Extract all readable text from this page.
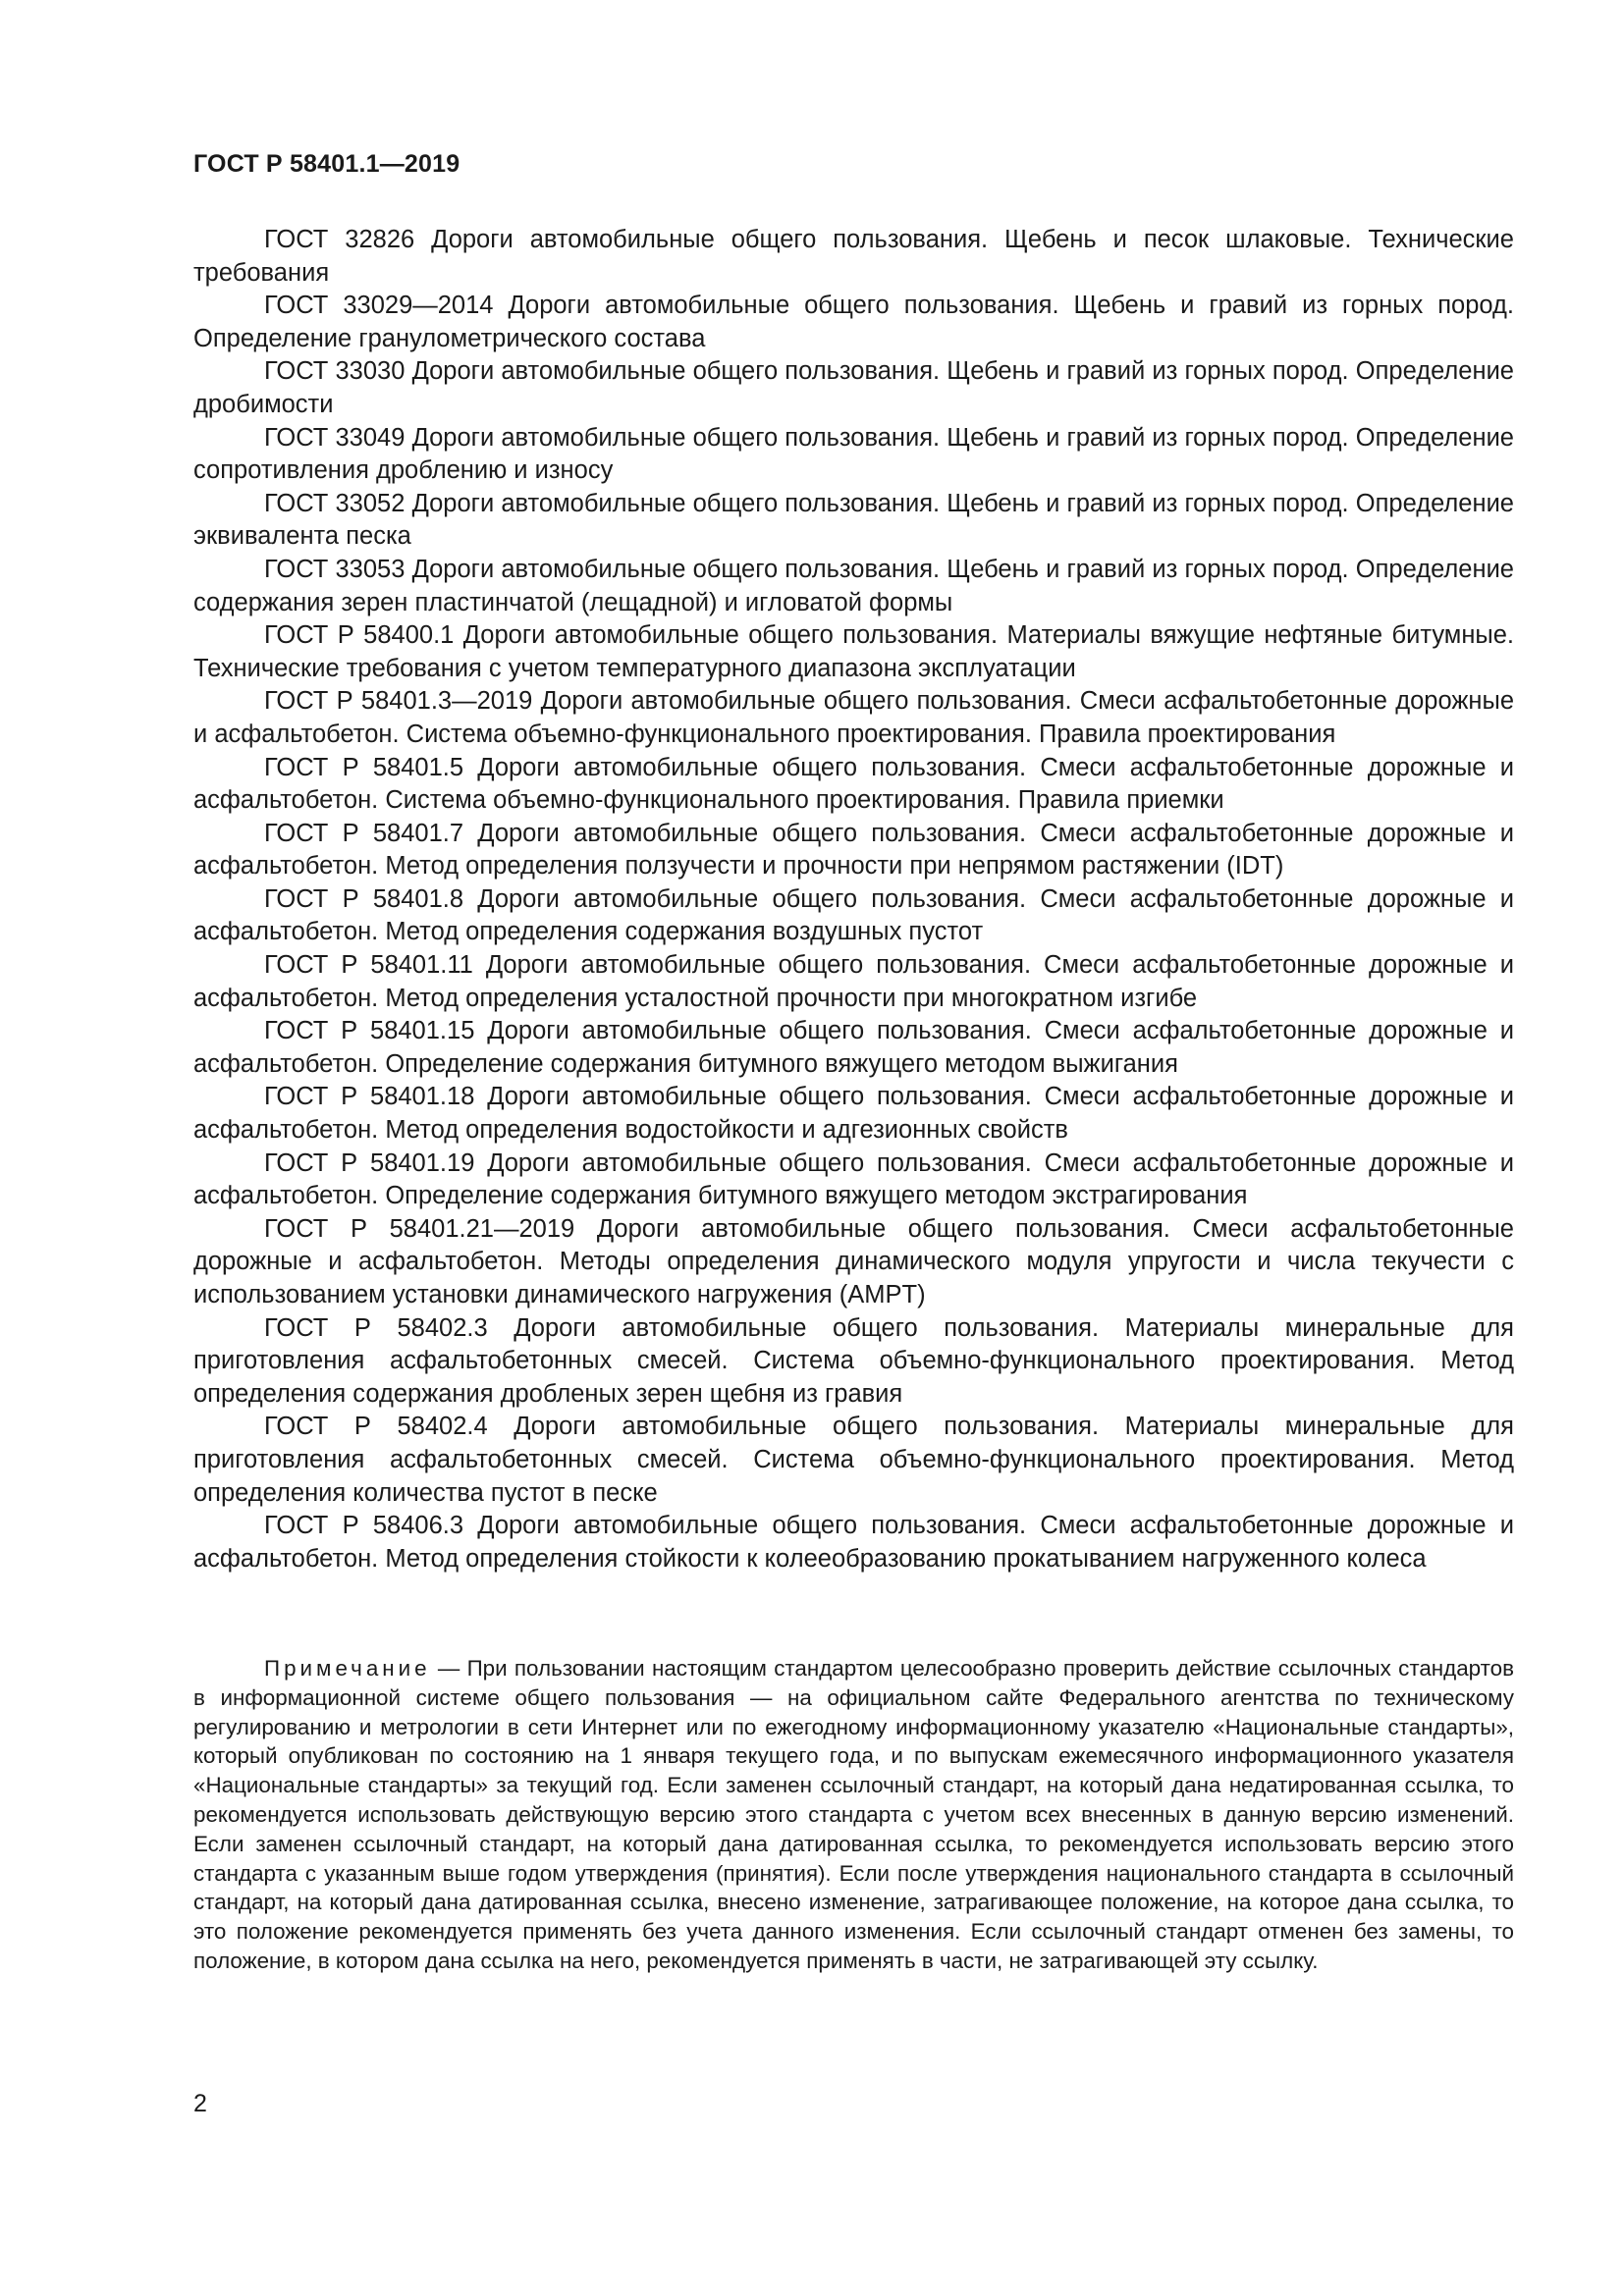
ГОСТ Р 58401.1—2019

ГОСТ 32826 Дороги автомобильные общего пользования. Щебень и песок шлаковые. Технические требования

ГОСТ 33029—2014 Дороги автомобильные общего пользования. Щебень и гравий из горных пород. Определение гранулометрического состава

ГОСТ 33030 Дороги автомобильные общего пользования. Щебень и гравий из горных пород. Определение дробимости

ГОСТ 33049 Дороги автомобильные общего пользования. Щебень и гравий из горных пород. Определение сопротивления дроблению и износу

ГОСТ 33052 Дороги автомобильные общего пользования. Щебень и гравий из горных пород. Определение эквивалента песка

ГОСТ 33053 Дороги автомобильные общего пользования. Щебень и гравий из горных пород. Определение содержания зерен пластинчатой (лещадной) и игловатой формы

ГОСТ Р 58400.1 Дороги автомобильные общего пользования. Материалы вяжущие нефтяные битумные. Технические требования с учетом температурного диапазона эксплуатации

ГОСТ Р 58401.3—2019 Дороги автомобильные общего пользования. Смеси асфальтобетонные дорожные и асфальтобетон. Система объемно-функционального проектирования. Правила проектирования

ГОСТ Р 58401.5 Дороги автомобильные общего пользования. Смеси асфальтобетонные дорожные и асфальтобетон. Система объемно-функционального проектирования. Правила приемки

ГОСТ Р 58401.7 Дороги автомобильные общего пользования. Смеси асфальтобетонные дорожные и асфальтобетон. Метод определения ползучести и прочности при непрямом растяжении (IDT)

ГОСТ Р 58401.8 Дороги автомобильные общего пользования. Смеси асфальтобетонные дорожные и асфальтобетон. Метод определения содержания воздушных пустот

ГОСТ Р 58401.11 Дороги автомобильные общего пользования. Смеси асфальтобетонные дорожные и асфальтобетон. Метод определения усталостной прочности при многократном изгибе

ГОСТ Р 58401.15 Дороги автомобильные общего пользования. Смеси асфальтобетонные дорожные и асфальтобетон. Определение содержания битумного вяжущего методом выжигания

ГОСТ Р 58401.18 Дороги автомобильные общего пользования. Смеси асфальтобетонные дорожные и асфальтобетон. Метод определения водостойкости и адгезионных свойств

ГОСТ Р 58401.19 Дороги автомобильные общего пользования. Смеси асфальтобетонные дорожные и асфальтобетон. Определение содержания битумного вяжущего методом экстрагирования

ГОСТ Р 58401.21—2019 Дороги автомобильные общего пользования. Смеси асфальтобетонные дорожные и асфальтобетон. Методы определения динамического модуля упругости и числа текучести с использованием установки динамического нагружения (AMPT)

ГОСТ Р 58402.3 Дороги автомобильные общего пользования. Материалы минеральные для приготовления асфальтобетонных смесей. Система объемно-функционального проектирования. Метод определения содержания дробленых зерен щебня из гравия

ГОСТ Р 58402.4 Дороги автомобильные общего пользования. Материалы минеральные для приготовления асфальтобетонных смесей. Система объемно-функционального проектирования. Метод определения количества пустот в песке

ГОСТ Р 58406.3 Дороги автомобильные общего пользования. Смеси асфальтобетонные дорожные и асфальтобетон. Метод определения стойкости к колееобразованию прокатыванием нагруженного колеса

Примечание — При пользовании настоящим стандартом целесообразно проверить действие ссылочных стандартов в информационной системе общего пользования — на официальном сайте Федерального агентства по техническому регулированию и метрологии в сети Интернет или по ежегодному информационному указателю «Национальные стандарты», который опубликован по состоянию на 1 января текущего года, и по выпускам ежемесячного информационного указателя «Национальные стандарты» за текущий год. Если заменен ссылочный стандарт, на который дана недатированная ссылка, то рекомендуется использовать действующую версию этого стандарта с учетом всех внесенных в данную версию изменений. Если заменен ссылочный стандарт, на который дана датированная ссылка, то рекомендуется использовать версию этого стандарта с указанным выше годом утверждения (принятия). Если после утверждения национального стандарта в ссылочный стандарт, на который дана датированная ссылка, внесено изменение, затрагивающее положение, на которое дана ссылка, то это положение рекомендуется применять без учета данного изменения. Если ссылочный стандарт отменен без замены, то положение, в котором дана ссылка на него, рекомендуется применять в части, не затрагивающей эту ссылку.

2
